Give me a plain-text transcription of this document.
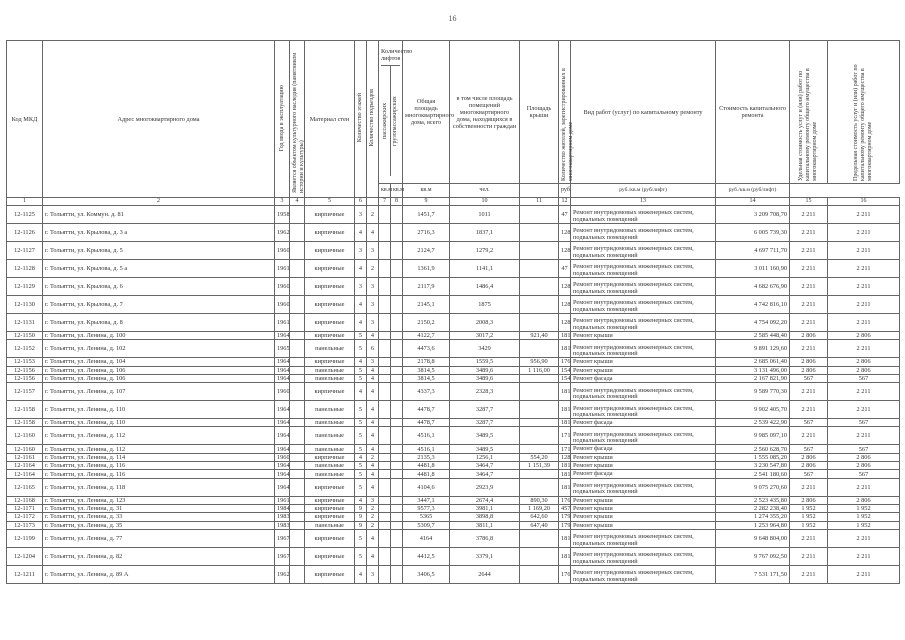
16
Код МКД	Адрес многоквартирного дома	Год ввода в эксплуатацию	Является объектом культурного наследия (памятником истории и культуры)	Материал стен	Количество этажей	Количество подъездов	Количество лифтов
пассажирских грузопассажирских		Общая площадь многоквартирного дома, всего	в том числе площадь помещений многоквартирного дома, находящихся в собственности граждан	Площадь крыши	Количество жителей, зарегистрированных в многоквартирном доме	Вид работ (услуг) по капитальному ремонту	Стоимость капитального ремонта	Удельная стоимость услуг и (или) работ по капитальному ремонту общего имущества в многоквартирном доме	Предельная стоимость услуг и (или) работ по капитальному ремонту общего имущества в многоквартирном доме
							кв.м	кв.м	кв.м	чел.		руб.	руб./кв.м (руб/лифт)	руб./кв.м (руб/лифт)		
1	2	3	4	5	6		7	8	9	10	11	12	13	14	15	16
12-1125	г. Тольятти, ул. Коммун. д. 81	1958		кирпичные	3	2			1451,7	1011		47	Ремонт внутридомовых инженерных систем, подвальных помещений	3 209 708,70	2 211	2 211
12-1126	г. Тольятти, ул. Крылова, д. 3 а	1962		кирпичные	4	4			2716,3	1837,1		128	Ремонт внутридомовых инженерных систем, подвальных помещений	6 005 739,30	2 211	2 211
12-1127	г. Тольятти, ул. Крылова, д. 5	1960		кирпичные	3	3			2124,7	1279,2		128	Ремонт внутридомовых инженерных систем, подвальных помещений	4 697 711,70	2 211	2 211
12-1128	г. Тольятти, ул. Крылова, д. 5 а	1961		кирпичные	4	2			1361,9	1141,1		47	Ремонт внутридомовых инженерных систем, подвальных помещений	3 011 160,90	2 211	2 211
12-1129	г. Тольятти, ул. Крылова, д. 6	1960		кирпичные	3	3			2117,9	1486,4		128	Ремонт внутридомовых инженерных систем, подвальных помещений	4 682 676,90	2 211	2 211
12-1130	г. Тольятти, ул. Крылова, д. 7	1960		кирпичные	4	3			2145,1	1875		128	Ремонт внутридомовых инженерных систем, подвальных помещений	4 742 816,10	2 211	2 211
12-1131	г. Тольятти, ул. Крылова, д. 8	1961		кирпичные	4	3			2150,2	2008,3		128	Ремонт внутридомовых инженерных систем, подвальных помещений	4 754 092,20	2 211	2 211
12-1150	г. Тольятти, ул. Ленина, д. 100	1964		кирпичные	5	4			4122,7	3017,2	921,40	181	Ремонт крыши	2 585 448,40	2 806	2 806
12-1152	г. Тольятти, ул. Ленина, д. 102	1965		панельные	5	6			4473,6	3429		181	Ремонт внутридомовых инженерных систем, подвальных помещений	9 891 129,60	2 211	2 211
12-1153	г. Тольятти, ул. Ленина, д. 104	1964		кирпичные	4	3			2178,8	1559,5	956,90	176	Ремонт крыши	2 685 061,40	2 806	2 806
12-1156	г. Тольятти, ул. Ленина, д. 106	1964		панельные	5	4			3814,5	3489,6	1 116,00	154	Ремонт крыши	3 131 496,00	2 806	2 806
12-1156	г. Тольятти, ул. Ленина, д. 106	1964		панельные	5	4			3814,5	3489,6		154	Ремонт фасада	2 167 821,90	567	567
12-1157	г. Тольятти, ул. Ленина, д. 107	1960		кирпичные	4	4			4337,3	2328,3		181	Ремонт внутридомовых инженерных систем, подвальных помещений	9 589 770,30	2 211	2 211
12-1158	г. Тольятти, ул. Ленина, д. 110	1964		панельные	5	4			4478,7	3287,7		181	Ремонт внутридомовых инженерных систем, подвальных помещений	9 902 405,70	2 211	2 211
12-1158	г. Тольятти, ул. Ленина, д. 110	1964		панельные	5	4			4478,7	3287,7		181	Ремонт фасада	2 539 422,90	567	567
12-1160	г. Тольятти, ул. Ленина, д. 112	1964		панельные	5	4			4516,1	3489,5		171	Ремонт внутридомовых инженерных систем, подвальных помещений	9 985 097,10	2 211	2 211
12-1160	г. Тольятти, ул. Ленина, д. 112	1964		панельные	5	4			4516,1	3489,5		171	Ремонт фасада	2 560 628,70	567	567
12-1161	г. Тольятти, ул. Ленина, д. 114	1960		кирпичные	4	2			2135,3	1256,1	554,20	128	Ремонт крыши	1 555 085,20	2 806	2 806
12-1164	г. Тольятти, ул. Ленина, д. 116	1964		панельные	5	4			4481,8	3464,7	1 151,39	181	Ремонт крыши	3 230 547,80	2 806	2 806
12-1164	г. Тольятти, ул. Ленина, д. 116	1964		панельные	5	4			4481,8	3464,7		181	Ремонт фасада	2 541 180,60	567	567
12-1165	г. Тольятти, ул. Ленина, д. 118	1964		кирпичные	5	4			4104,6	2923,9		181	Ремонт внутридомовых инженерных систем, подвальных помещений	9 075 270,60	2 211	2 211
12-1168	г. Тольятти, ул. Ленина, д. 123	1961		кирпичные	4	3			3447,1	2674,4	890,30	176	Ремонт крыши	2 523 435,80	2 806	2 806
12-1171	г. Тольятти, ул. Ленина, д. 31	1984		кирпичные	9	2			9577,3	3981,1	1 169,20	457	Ремонт крыши	2 282 238,40	1 952	1 952
12-1172	г. Тольятти, ул. Ленина, д. 33	1983		кирпичные	9	2			5365	3898,8	642,60	179	Ремонт крыши	1 274 355,20	1 952	1 952
12-1173	г. Тольятти, ул. Ленина, д. 35	1983		панельные	9	2			5309,7	3811,1	647,40	179	Ремонт крыши	1 253 964,80	1 952	1 952
12-1199	г. Тольятти, ул. Ленина, д. 77	1967		кирпичные	5	4			4164	3786,8		181	Ремонт внутридомовых инженерных систем, подвальных помещений	9 648 804,00	2 211	2 211
12-1204	г. Тольятти, ул. Ленина, д. 82	1967		кирпичные	5	4			4412,5	3379,1		181	Ремонт внутридомовых инженерных систем, подвальных помещений	9 767 092,50	2 211	2 211
12-1211	г. Тольятти, ул. Ленина, д. 89 А	1962		кирпичные	4	3			3406,5	2644		176	Ремонт внутридомовых инженерных систем, подвальных помещений	7 531 171,50	2 211	2 211
